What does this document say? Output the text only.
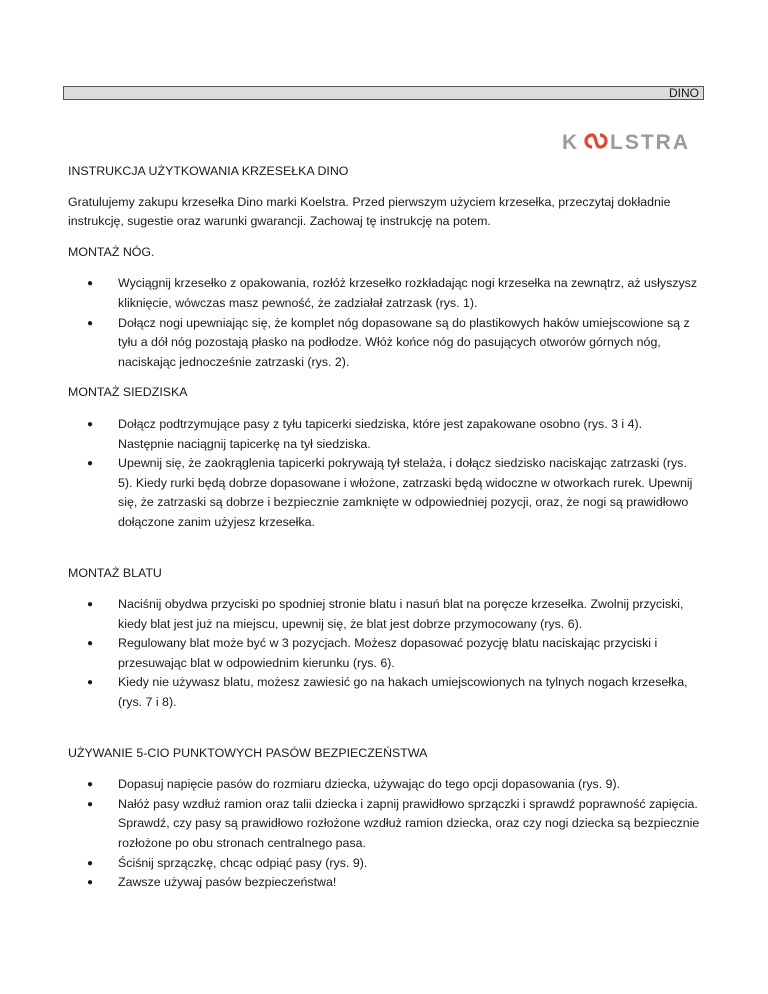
DINO
K LSTRA

INSTRUKCJA UŻYTKOWANIA KRZESEŁKA DINO

Gratulujemy zakupu krzesełka Dino marki Koelstra. Przed pierwszym użyciem krzesełka, przeczytaj dokładnie instrukcję, sugestie oraz warunki gwarancji. Zachowaj tę instrukcję na potem.

MONTAŻ NÓG.

● Wyciągnij krzesełko z opakowania, rozłóż krzesełko rozkładając nogi krzesełka na zewnątrz, aż usłyszysz kliknięcie, wówczas masz pewność, że zadziałał zatrzask (rys. 1).
● Dołącz nogi upewniając się, że komplet nóg dopasowane są do plastikowych haków umiejscowione są z tyłu a dół nóg pozostają płasko na podłodze. Włóż końce nóg do pasujących otworów górnych nóg, naciskając jednocześnie zatrzaski (rys. 2).

MONTAŻ SIEDZISKA

● Dołącz podtrzymujące pasy z tyłu tapicerki siedziska, które jest zapakowane osobno (rys. 3 i 4). Następnie naciągnij tapicerkę na tył siedziska.
● Upewnij się, że zaokrąglenia tapicerki pokrywają tył stelaża, i dołącz siedzisko naciskając zatrzaski (rys. 5). Kiedy rurki będą dobrze dopasowane i włożone, zatrzaski będą widoczne w otworkach rurek. Upewnij się, że zatrzaski są dobrze i bezpiecznie zamknięte w odpowiedniej pozycji, oraz, że nogi są prawidłowo dołączone zanim użyjesz krzesełka.

MONTAŻ BLATU

● Naciśnij obydwa przyciski po spodniej stronie blatu i nasuń blat na poręcze krzesełka. Zwolnij przyciski, kiedy blat jest już na miejscu, upewnij się, że blat jest dobrze przymocowany (rys. 6).
● Regulowany blat może być w 3 pozycjach. Możesz dopasować pozycję blatu naciskając przyciski i przesuwając blat w odpowiednim kierunku (rys. 6).
● Kiedy nie używasz blatu, możesz zawiesić go na hakach umiejscowionych na tylnych nogach krzesełka, (rys. 7 i 8).

UŻYWANIE 5-CIO PUNKTOWYCH PASÓW BEZPIECZEŃSTWA

● Dopasuj napięcie pasów do rozmiaru dziecka, używając do tego opcji dopasowania (rys. 9).
● Nałóż pasy wzdłuż ramion oraz talii dziecka i zapnij prawidłowo sprzączki i sprawdź poprawność zapięcia. Sprawdź, czy pasy są prawidłowo rozłożone wzdłuż ramion dziecka, oraz czy nogi dziecka są bezpiecznie rozłożone po obu stronach centralnego pasa.
● Ściśnij sprzączkę, chcąc odpiąć pasy (rys. 9).
● Zawsze używaj pasów bezpieczeństwa!
